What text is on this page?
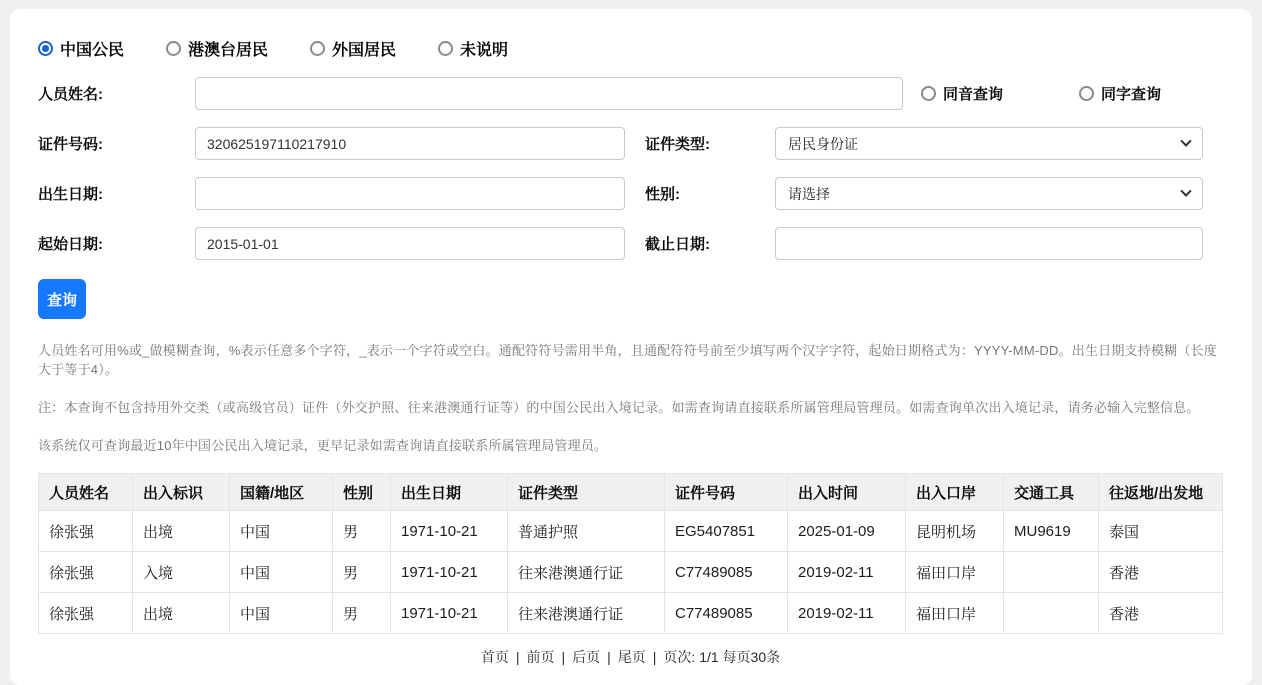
中国公民	港澳台居民	外国居民	未说明
人员姓名:	同音查询	同字查询
证件号码:
320625197110217910	证件类型:	居民身份证
出生日期:	性别:	请选择
起始日期:
2015-01-01	截止日期:
查询

人员姓名可用%或_做模糊查询，%表示任意多个字符，_表示一个字符或空白。通配符符号需用半角，且通配符符号前至少填写两个汉字字符，起始日期格式为：YYYY-MM-DD。出生日期支持模糊（长度大于等于4）。

注：本查询不包含持用外交类（或高级官员）证件（外交护照、往来港澳通行证等）的中国公民出入境记录。如需查询请直接联系所属管理局管理员。如需查询单次出入境记录，请务必输入完整信息。

该系统仅可查询最近10年中国公民出入境记录，更早记录如需查询请直接联系所属管理局管理员。

人员姓名	出入标识	国籍/地区	性别	出生日期	证件类型	证件号码	出入时间	出入口岸	交通工具	往返地/出发地
徐张强	出境	中国	男	1971-10-21	普通护照	EG5407851	2025-01-09	昆明机场	MU9619	泰国
徐张强	入境	中国	男	1971-10-21	往来港澳通行证	C77489085	2019-02-11	福田口岸		香港
徐张强	出境	中国	男	1971-10-21	往来港澳通行证	C77489085	2019-02-11	福田口岸		香港
首页 | 前页 | 后页 | 尾页 | 页次: 1/1 每页30条
